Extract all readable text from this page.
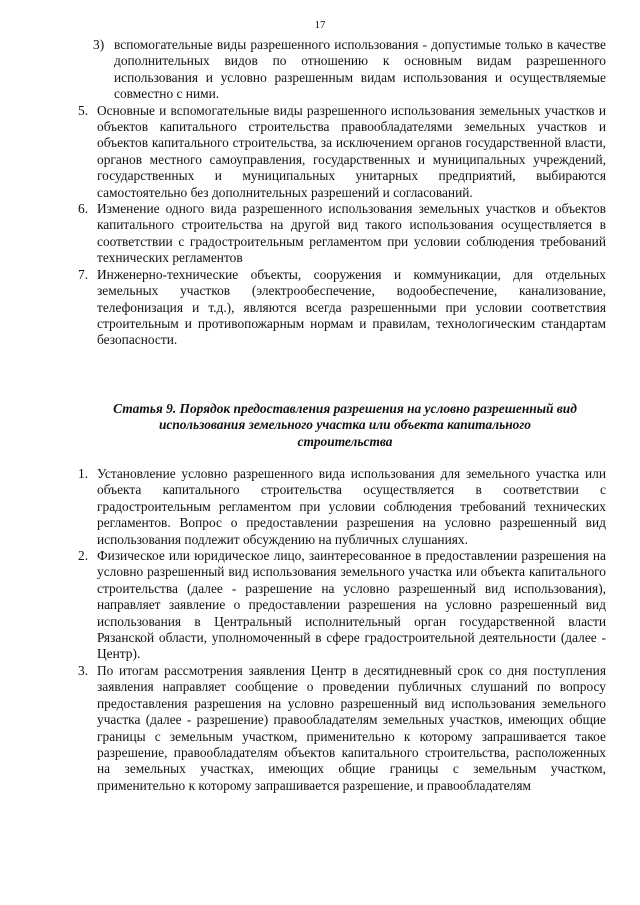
17
3) вспомогательные виды разрешенного использования - допустимые только в качестве дополнительных видов по отношению к основным видам разрешенного использования и условно разрешенным видам использования и осуществляемые совместно с ними.
5. Основные и вспомогательные виды разрешенного использования земельных участков и объектов капитального строительства правообладателями земельных участков и объектов капитального строительства, за исключением органов государственной власти, органов местного самоуправления, государственных и муниципальных учреждений, государственных и муниципальных унитарных предприятий, выбираются самостоятельно без дополнительных разрешений и согласований.
6. Изменение одного вида разрешенного использования земельных участков и объектов капитального строительства на другой вид такого использования осуществляется в соответствии с градостроительным регламентом при условии соблюдения требований технических регламентов
7. Инженерно-технические объекты, сооружения и коммуникации, для отдельных земельных участков (электрообеспечение, водообеспечение, канализование, телефонизация и т.д.), являются всегда разрешенными при условии соответствия строительным и противопожарным нормам и правилам, технологическим стандартам безопасности.
Статья 9. Порядок предоставления разрешения на условно разрешенный вид использования земельного участка или объекта капитального строительства
1. Установление условно разрешенного вида использования для земельного участка или объекта капитального строительства осуществляется в соответствии с градостроительным регламентом при условии соблюдения требований технических регламентов. Вопрос о предоставлении разрешения на условно разрешенный вид использования подлежит обсуждению на публичных слушаниях.
2. Физическое или юридическое лицо, заинтересованное в предоставлении разрешения на условно разрешенный вид использования земельного участка или объекта капитального строительства (далее - разрешение на условно разрешенный вид использования), направляет заявление о предоставлении разрешения на условно разрешенный вид использования в Центральный исполнительный орган государственной власти Рязанской области, уполномоченный в сфере градостроительной деятельности (далее - Центр).
3. По итогам рассмотрения заявления Центр в десятидневный срок со дня поступления заявления направляет сообщение о проведении публичных слушаний по вопросу предоставления разрешения на условно разрешенный вид использования земельного участка (далее - разрешение) правообладателям земельных участков, имеющих общие границы с земельным участком, применительно к которому запрашивается такое разрешение, правообладателям объектов капитального строительства, расположенных на земельных участках, имеющих общие границы с земельным участком, применительно к которому запрашивается разрешение, и правообладателям
